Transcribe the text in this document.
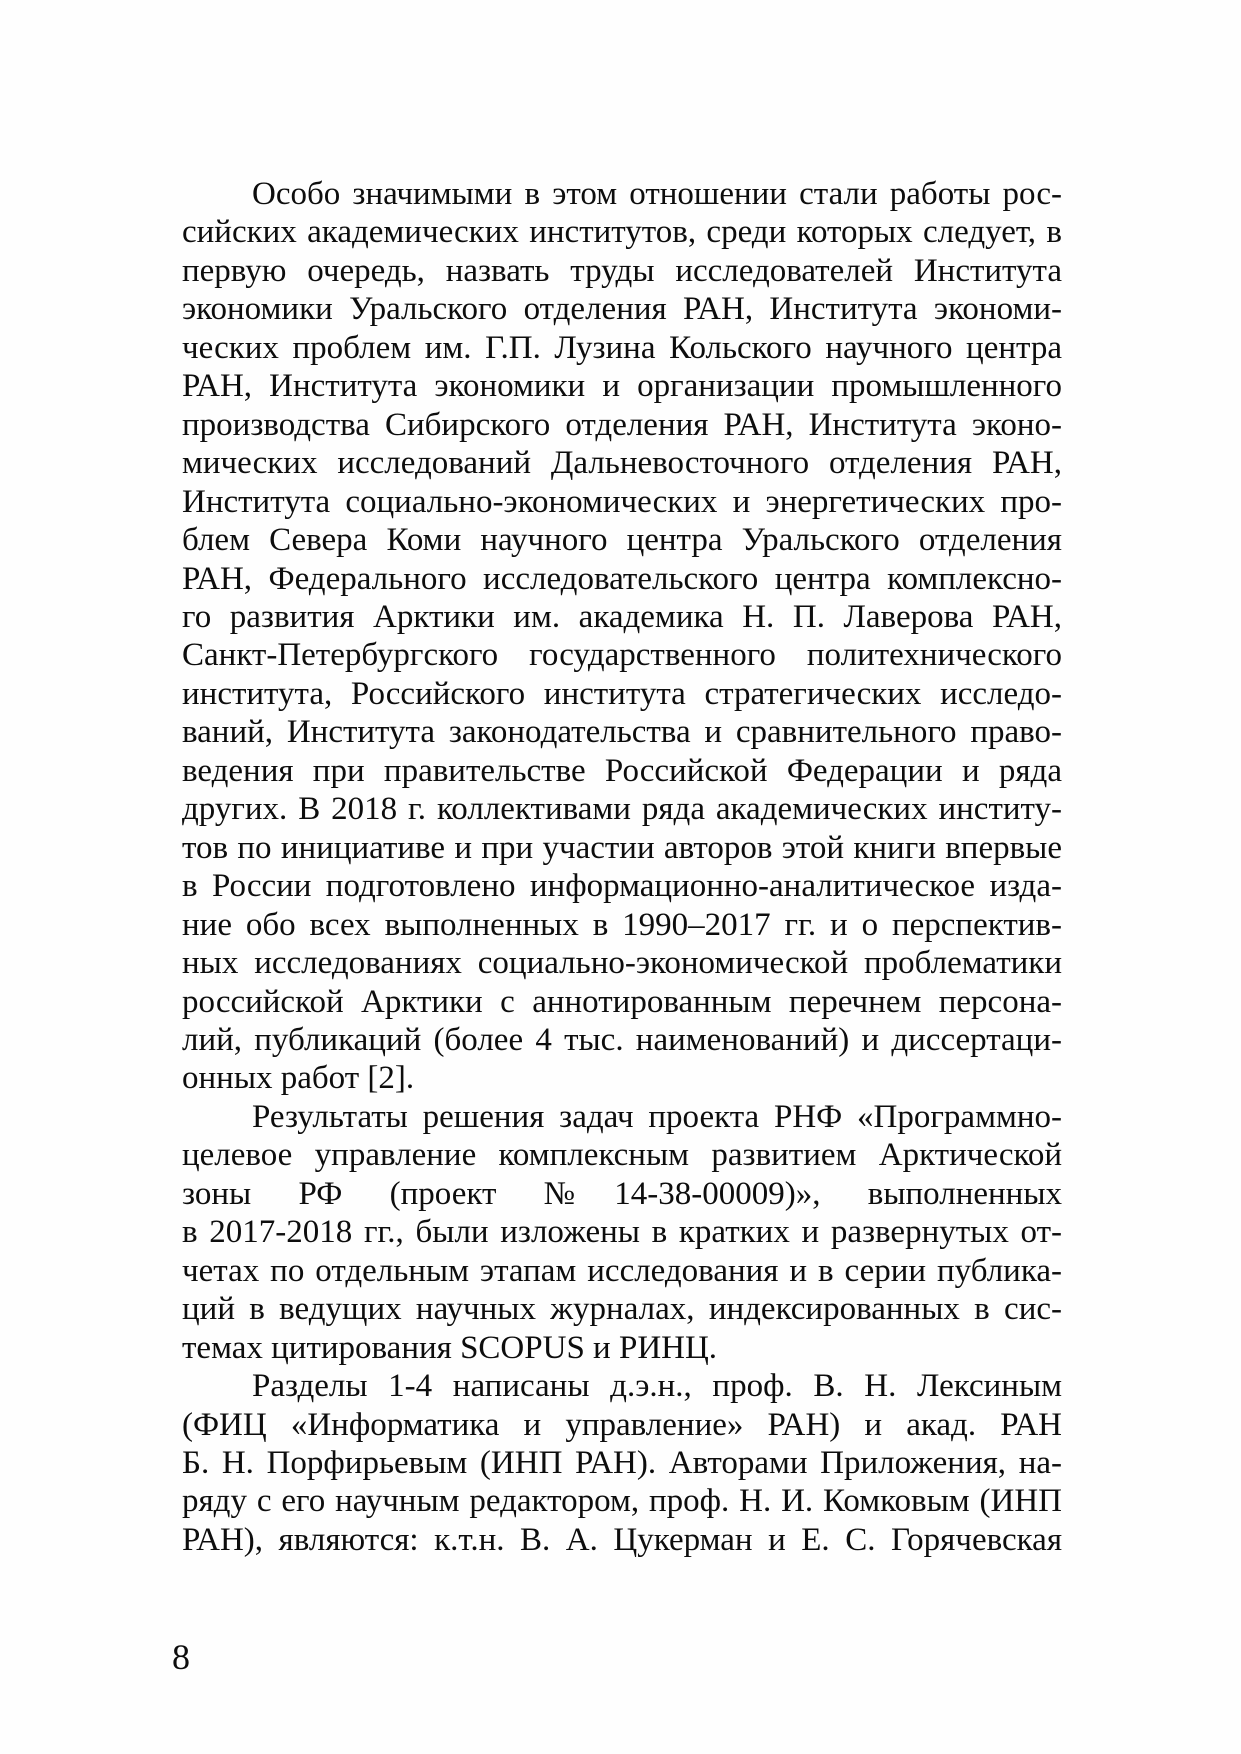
Особо значимыми в этом отношении стали работы рос-
сийских академических институтов, среди которых следует, в
первую очередь, назвать труды исследователей Института
экономики Уральского отделения РАН, Института экономи-
ческих проблем им. Г.П. Лузина Кольского научного центра
РАН, Института экономики и организации промышленного
производства Сибирского отделения РАН, Института эконо-
мических исследований Дальневосточного отделения РАН,
Института социально-экономических и энергетических про-
блем Севера Коми научного центра Уральского отделения
РАН, Федерального исследовательского центра комплексно-
го развития Арктики им. академика Н. П. Лаверова РАН,
Санкт-Петербургского государственного политехнического
института, Российского института стратегических исследо-
ваний, Института законодательства и сравнительного право-
ведения при правительстве Российской Федерации и ряда
других. В 2018 г. коллективами ряда академических институ-
тов по инициативе и при участии авторов этой книги впервые
в России подготовлено информационно-аналитическое изда-
ние обо всех выполненных в 1990–2017 гг. и о перспектив-
ных исследованиях социально-экономической проблематики
российской Арктики с аннотированным перечнем персона-
лий, публикаций (более 4 тыс. наименований) и диссертаци-
онных работ [2].
Результаты решения задач проекта РНФ «Программно-
целевое управление комплексным развитием Арктической
зоны РФ (проект №14-38-00009)», выполненных
в 2017-2018 гг., были изложены в кратких и развернутых от-
четах по отдельным этапам исследования и в серии публика-
ций в ведущих научных журналах, индексированных в сис-
темах цитирования SCOPUS и РИНЦ.
Разделы 1-4 написаны д.э.н., проф. В. Н. Лексиным
(ФИЦ «Информатика и управление» РАН) и акад. РАН
Б. Н. Порфирьевым (ИНП РАН). Авторами Приложения, на-
ряду с его научным редактором, проф. Н. И. Комковым (ИНП
РАН), являются: к.т.н. В. А. Цукерман и Е. С. Горячевская
8
